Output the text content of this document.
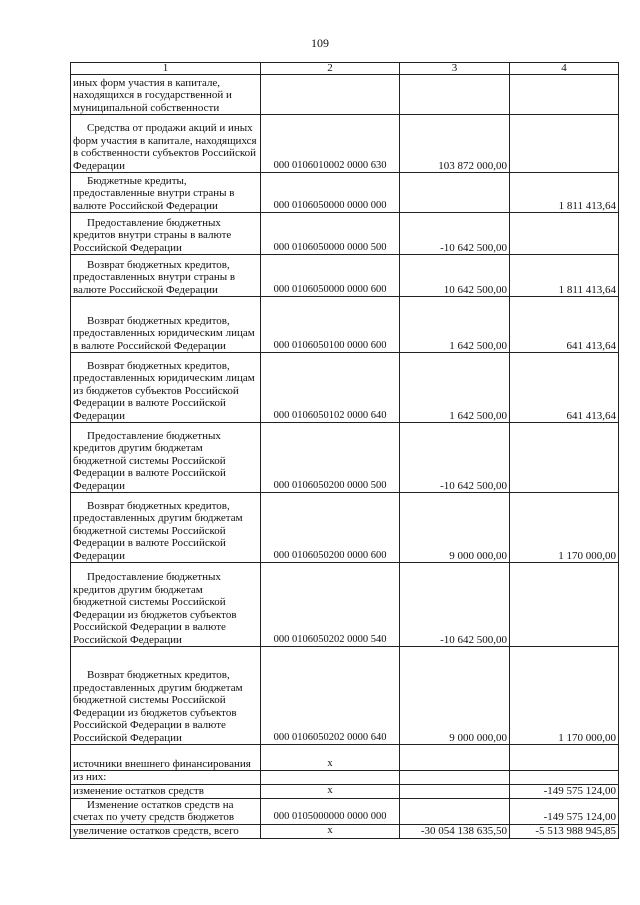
109
1	2	3	4
иных форм участия в капитале, находящихся в государственной и муниципальной собственности			
Средства от продажи акций и иных форм участия в капитале, находящихся в собственности субъектов Российской Федерации	000 0106010002 0000 630	103 872 000,00	
Бюджетные кредиты, предоставленные внутри страны в валюте Российской Федерации	000 0106050000 0000 000		1 811 413,64
Предоставление бюджетных кредитов внутри страны в валюте Российской Федерации	000 0106050000 0000 500	-10 642 500,00	
Возврат бюджетных кредитов, предоставленных внутри страны в валюте Российской Федерации	000 0106050000 0000 600	10 642 500,00	1 811 413,64
Возврат бюджетных кредитов, предоставленных юридическим лицам в валюте Российской Федерации	000 0106050100 0000 600	1 642 500,00	641 413,64
Возврат бюджетных кредитов, предоставленных юридическим лицам из бюджетов субъектов Российской Федерации в валюте Российской Федерации	000 0106050102 0000 640	1 642 500,00	641 413,64
Предоставление бюджетных кредитов другим бюджетам бюджетной системы Российской Федерации в валюте Российской Федерации	000 0106050200 0000 500	-10 642 500,00	
Возврат бюджетных кредитов, предоставленных другим бюджетам бюджетной системы Российской Федерации в валюте Российской Федерации	000 0106050200 0000 600	9 000 000,00	1 170 000,00
Предоставление бюджетных кредитов другим бюджетам бюджетной системы Российской Федерации из бюджетов субъектов Российской Федерации в валюте Российской Федерации	000 0106050202 0000 540	-10 642 500,00	
Возврат бюджетных кредитов, предоставленных другим бюджетам бюджетной системы Российской Федерации из бюджетов субъектов Российской Федерации в валюте Российской Федерации	000 0106050202 0000 640	9 000 000,00	1 170 000,00
источники внешнего финансирования	х		
из них:			
изменение остатков средств	х		-149 575 124,00
Изменение остатков средств на счетах по учету средств бюджетов	000 0105000000 0000 000		-149 575 124,00
увеличение остатков средств, всего	х	-30 054 138 635,50	-5 513 988 945,85
